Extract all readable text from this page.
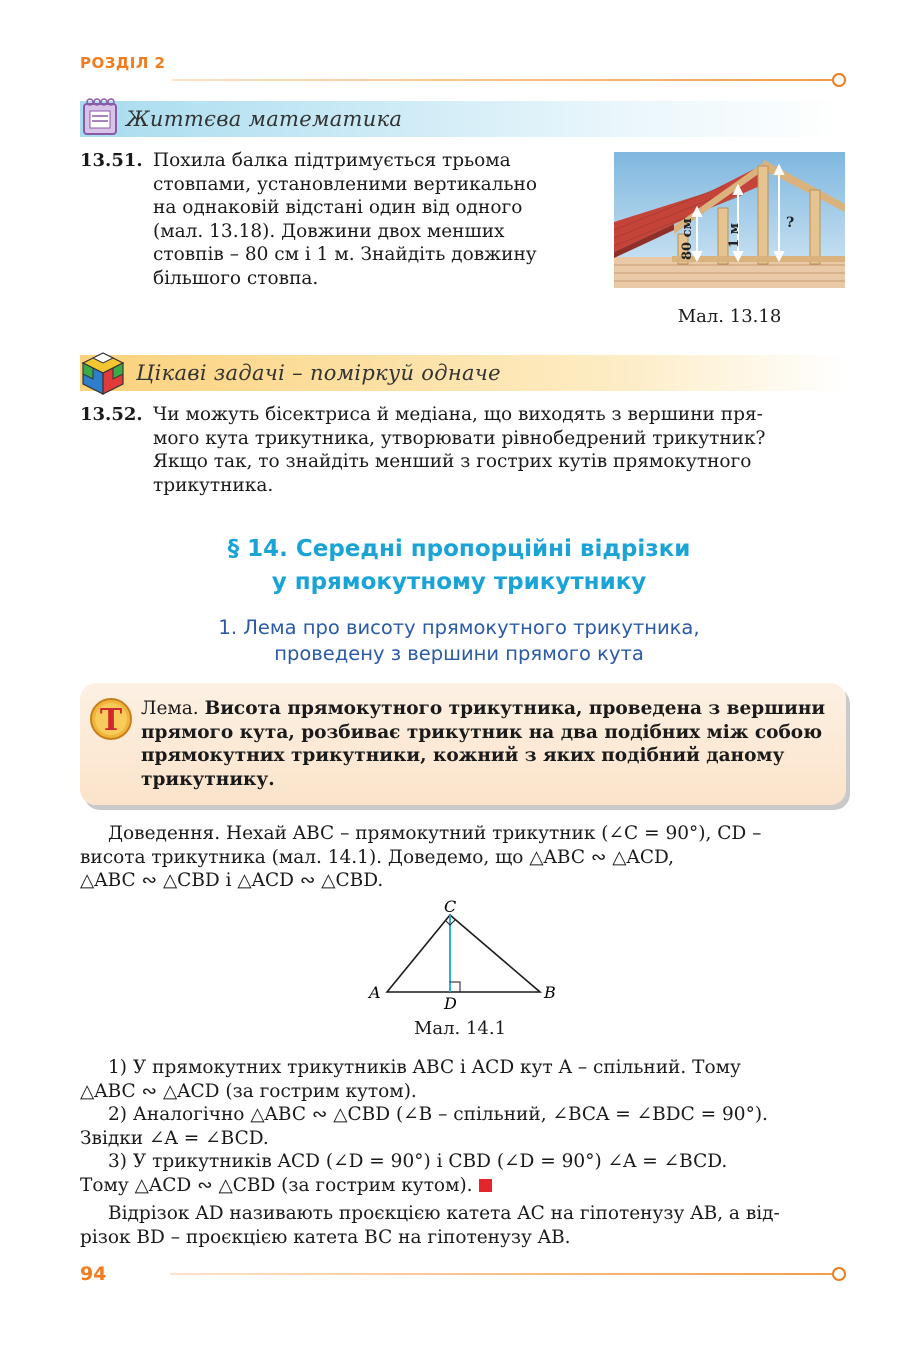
РОЗДІЛ 2
Життєва математика
13.51. Похила балка підтримується трьома
стовпами, установленими вертикально
на однаковій відстані один від одного
(мал. 13.18). Довжини двох менших
стовпів – 80 см і 1 м. Знайдіть довжину
більшого стовпа.
80 см 1 м
?
Мал. 13.18
Цікаві задачі – поміркуй одначе
13.52. Чи можуть бісектриса й медіана, що виходять з вершини пря-
мого кута трикутника, утворювати рівнобедрений трикутник?
Якщо так, то знайдіть менший з гострих кутів прямокутного
трикутника.
§ 14. Середні пропорційні відрізки
у прямокутному трикутнику
1. Лема про висоту прямокутного трикутника,
проведену з вершини прямого кута
T Лема. Висота прямокутного трикутника, проведена з вершини
прямого кута, розбиває трикутник на два подібних між собою
прямокутних трикутники, кожний з яких подібний даному
трикутнику.
Доведення. Нехай ABC – прямокутний трикутник (∠C = 90°), CD –
висота трикутника (мал. 14.1). Доведемо, що △ABC ∾ △ACD,
△ABC ∾ △CBD і △ACD ∾ △CBD.
C
A	B
D
Мал. 14.1
1) У прямокутних трикутників ABC і ACD кут A – спільний. Тому
△ABC ∾ △ACD (за гострим кутом).
2) Аналогічно △ABC ∾ △CBD (∠B – спільний, ∠BCA = ∠BDC = 90°).
Звідки ∠A = ∠BCD.
3) У трикутників ACD (∠D = 90°) і CBD (∠D = 90°) ∠A = ∠BCD.
Тому △ACD ∾ △CBD (за гострим кутом).
Відрізок AD називають проєкцією катета AC на гіпотенузу AB, а від-
різок BD – проєкцією катета BC на гіпотенузу AB.
94
